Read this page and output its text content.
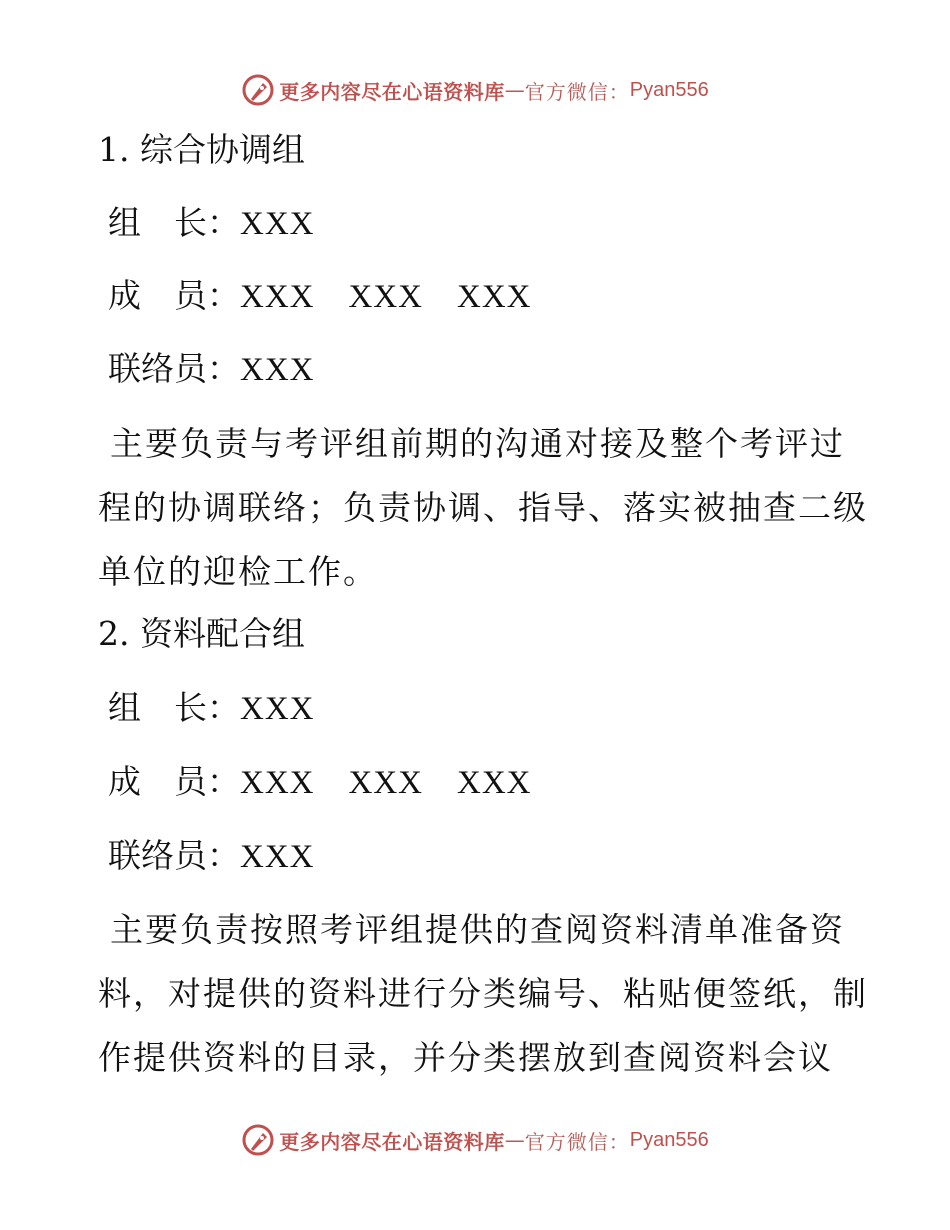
更多内容尽在心语资料库 — 官方微信： Pyan556
1. 综合协调组
组　长：XXX
成　员：XXX　XXX　XXX
联络员：XXX
主要负责与考评组前期的沟通对接及整个考评过程的协调联络；负责协调、指导、落实被抽查二级单位的迎检工作。
2. 资料配合组
组　长：XXX
成　员：XXX　XXX　XXX
联络员：XXX
主要负责按照考评组提供的查阅资料清单准备资料，对提供的资料进行分类编号、粘贴便签纸，制作提供资料的目录，并分类摆放到查阅资料会议
更多内容尽在心语资料库 — 官方微信： Pyan556
